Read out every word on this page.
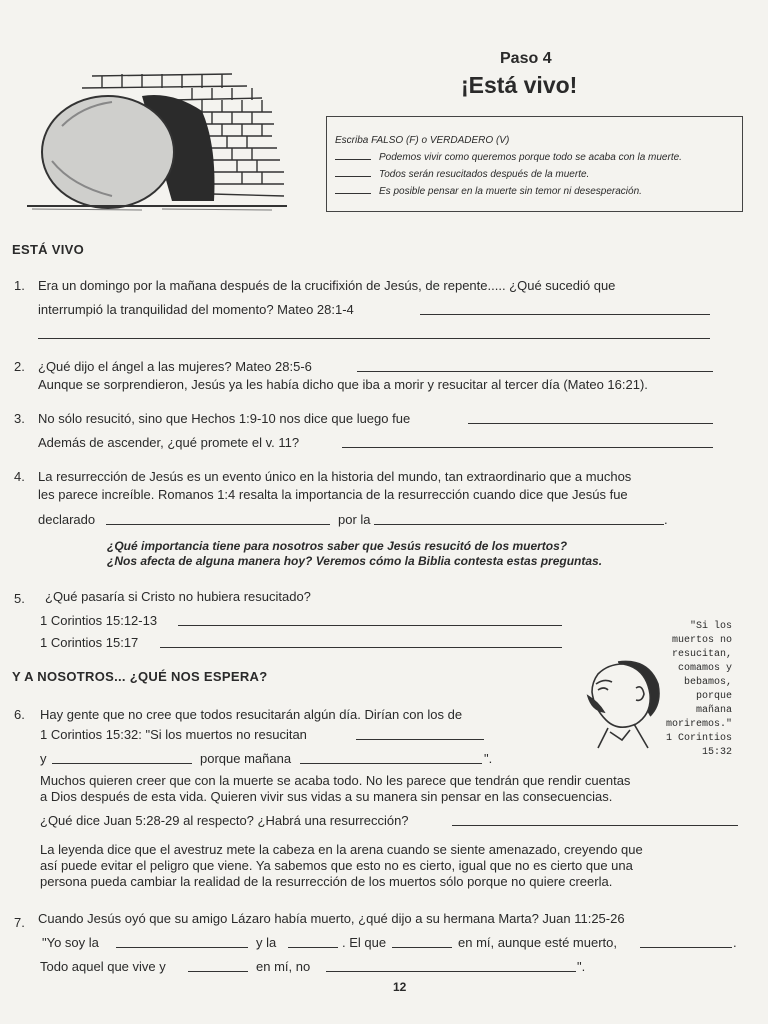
Paso 4
¡Está vivo!
Escriba FALSO (F) o VERDADERO (V)
Podemos vivir como queremos porque todo se acaba con la muerte.
Todos serán resucitados después de la muerte.
Es posible pensar en la muerte sin temor ni desesperación.
ESTÁ VIVO
1. Era un domingo por la mañana después de la crucifixión de Jesús, de repente..... ¿Qué sucedió que
interrumpió la tranquilidad del momento? Mateo 28:1-4
2. ¿Qué dijo el ángel a las mujeres? Mateo 28:5-6
Aunque se sorprendieron, Jesús ya les había dicho que iba a morir y resucitar al tercer día (Mateo 16:21).
3. No sólo resucitó, sino que Hechos 1:9-10 nos dice que luego fue
Además de ascender, ¿qué promete el v. 11?
4. La resurrección de Jesús es un evento único en la historia del mundo, tan extraordinario que a muchos
les parece increíble. Romanos 1:4 resalta la importancia de la resurrección cuando dice que Jesús fue
declarado	por la	.
¿Qué importancia tiene para nosotros saber que Jesús resucitó de los muertos?
¿Nos afecta de alguna manera hoy? Veremos cómo la Biblia contesta estas preguntas.
5. ¿Qué pasaría si Cristo no hubiera resucitado?
1 Corintios 15:12-13
1 Corintios 15:17
Y A NOSOTROS... ¿QUÉ NOS ESPERA?
"Si los
muertos no
resucitan,
comamos y
bebamos,
porque
mañana
moriremos."
1 Corintios
15:32
6. Hay gente que no cree que todos resucitarán algún día. Dirían con los de
1 Corintios 15:32: "Si los muertos no resucitan
y	porque mañana	".
Muchos quieren creer que con la muerte se acaba todo. No les parece que tendrán que rendir cuentas
a Dios después de esta vida. Quieren vivir sus vidas a su manera sin pensar en las consecuencias.
¿Qué dice Juan 5:28-29 al respecto? ¿Habrá una resurrección?
La leyenda dice que el avestruz mete la cabeza en la arena cuando se siente amenazado, creyendo que
así puede evitar el peligro que viene. Ya sabemos que esto no es cierto, igual que no es cierto que una
persona pueda cambiar la realidad de la resurrección de los muertos sólo porque no quiere creerla.
7. Cuando Jesús oyó que su amigo Lázaro había muerto, ¿qué dijo a su hermana Marta? Juan 11:25-26
"Yo soy la	y la	. El que	en mí, aunque esté muerto,	.
Todo aquel que vive y	en mí, no	".
12
